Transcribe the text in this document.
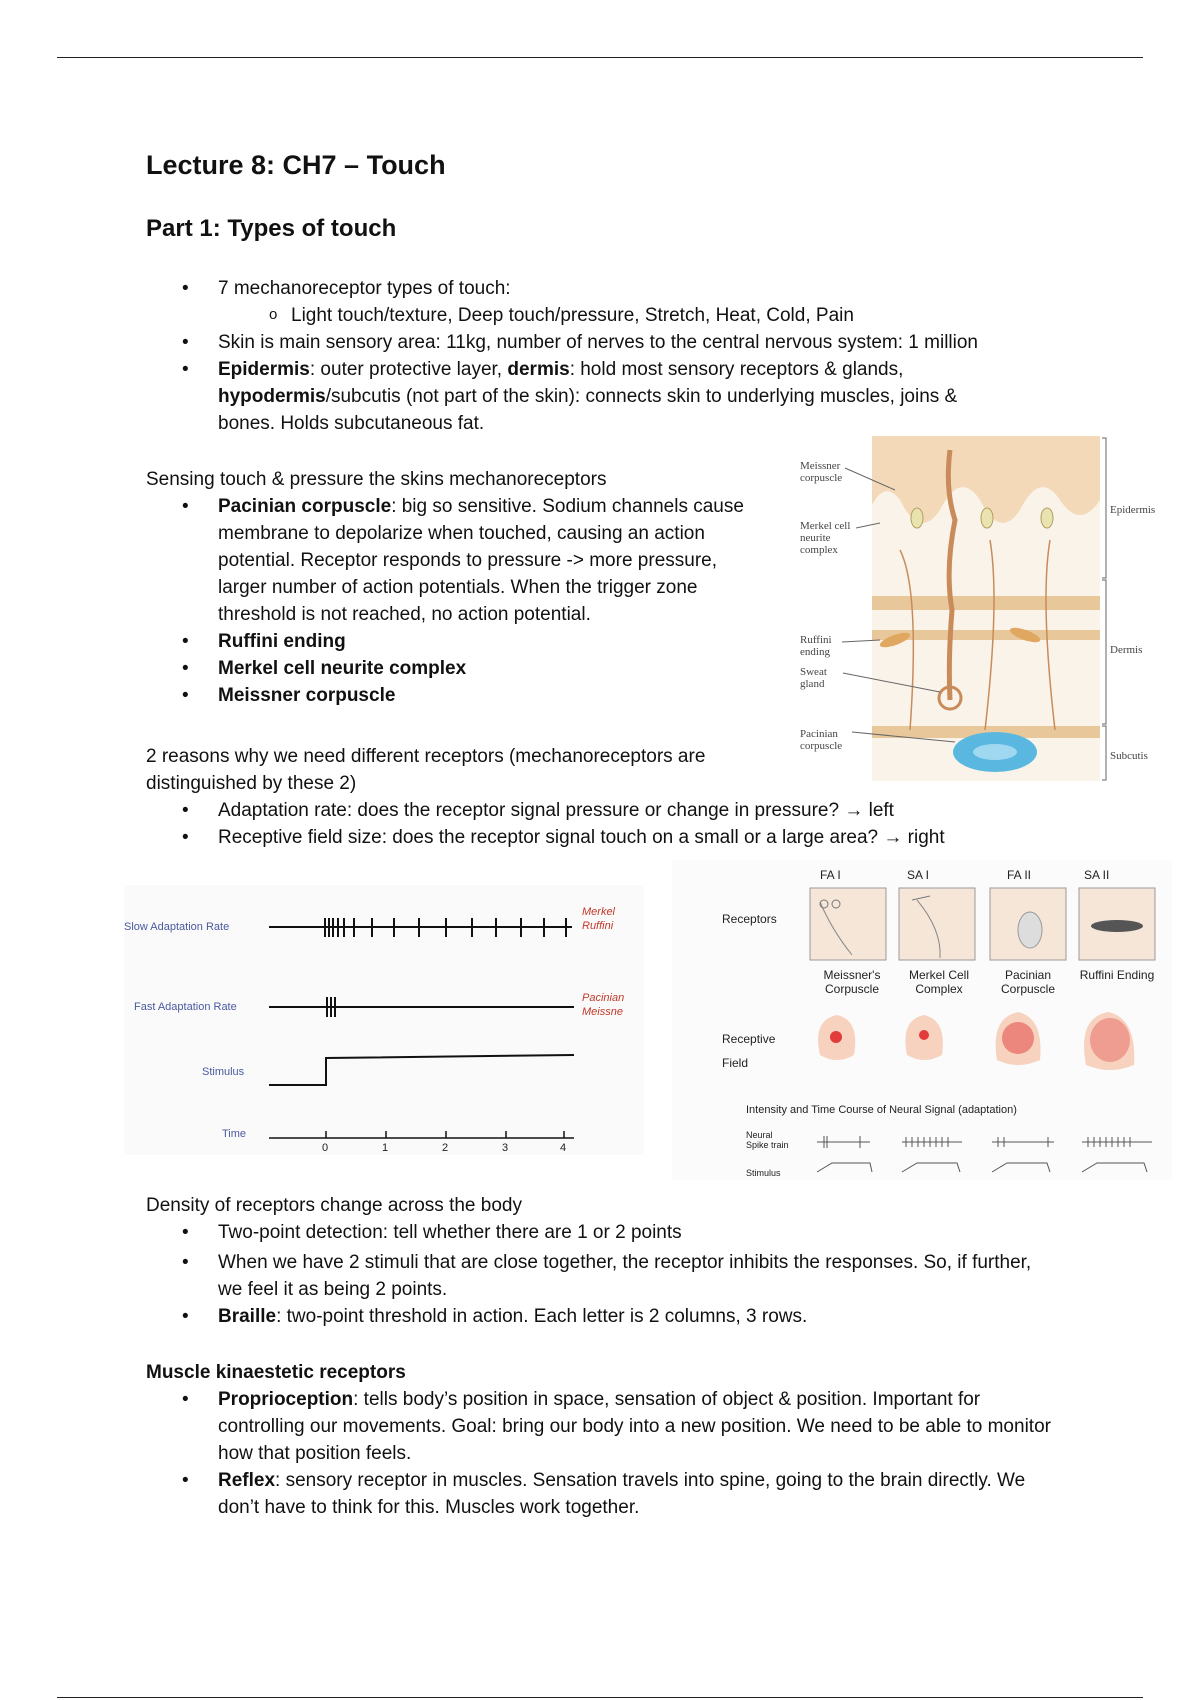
Lecture 8: CH7 – Touch
Part 1: Types of touch
• 7 mechanoreceptor types of touch:
o Light touch/texture, Deep touch/pressure, Stretch, Heat, Cold, Pain
• Skin is main sensory area: 11kg, number of nerves to the central nervous system: 1 million
• Epidermis: outer protective layer, dermis: hold most sensory receptors & glands, hypodermis/subcutis (not part of the skin): connects skin to underlying muscles, joins & bones. Holds subcutaneous fat.
Sensing touch & pressure the skins mechanoreceptors
• Pacinian corpuscle: big so sensitive. Sodium channels cause membrane to depolarize when touched, causing an action potential. Receptor responds to pressure -> more pressure, larger number of action potentials. When the trigger zone threshold is not reached, no action potential.
• Ruffini ending
• Merkel cell neurite complex
• Meissner corpuscle
2 reasons why we need different receptors (mechanoreceptors are distinguished by these 2)
• Adaptation rate: does the receptor signal pressure or change in pressure? → left
• Receptive field size: does the receptor signal touch on a small or a large area? → right
Density of receptors change across the body
• Two-point detection: tell whether there are 1 or 2 points
• When we have 2 stimuli that are close together, the receptor inhibits the responses. So, if further, we feel it as being 2 points.
• Braille: two-point threshold in action. Each letter is 2 columns, 3 rows.
Muscle kinaestetic receptors
• Proprioception: tells body’s position in space, sensation of object & position. Important for controlling our movements. Goal: bring our body into a new position. We need to be able to monitor how that position feels.
• Reflex: sensory receptor in muscles. Sensation travels into spine, going to the brain directly. We don’t have to think for this. Muscles work together.
Meissner corpuscle
Merkel cell neurite complex
Ruffini ending
Sweat gland
Pacinian corpuscle
Epidermis
Dermis
Subcutis
Slow Adaptation Rate
Fast Adaptation Rate
Stimulus
Time
Merkel
Ruffini
Pacinian
Meissne
0	1	2	3	4
FA I	SA I	FA II	SA II
Receptors
Meissner's Corpuscle
Merkel Cell Complex
Pacinian Corpuscle
Ruffini Ending
Receptive
Field
Intensity and Time Course of Neural Signal (adaptation)
Neural
Spike train
Stimulus
